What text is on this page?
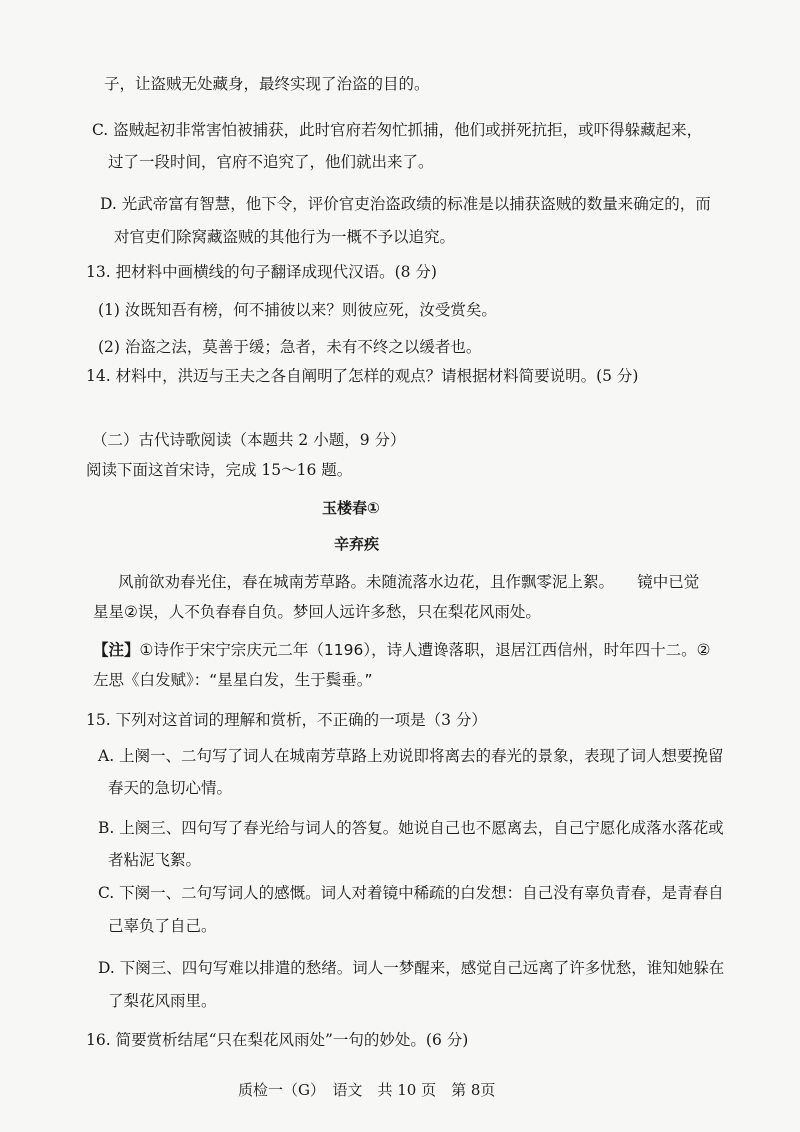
子，让盗贼无处藏身，最终实现了治盗的目的。
C. 盗贼起初非常害怕被捕获，此时官府若匆忙抓捕，他们或拼死抗拒，或吓得躲藏起来，
过了一段时间，官府不追究了，他们就出来了。
D. 光武帝富有智慧，他下令，评价官吏治盗政绩的标准是以捕获盗贼的数量来确定的，而
对官吏们除窝藏盗贼的其他行为一概不予以追究。
13. 把材料中画横线的句子翻译成现代汉语。(8 分)
(1) 汝既知吾有榜，何不捕彼以来？则彼应死，汝受赏矣。
(2) 治盗之法，莫善于缓；急者，未有不终之以缓者也。
14. 材料中，洪迈与王夫之各自阐明了怎样的观点？请根据材料简要说明。(5 分)
（二）古代诗歌阅读（本题共 2 小题，9 分）
阅读下面这首宋诗，完成 15～16 题。
玉楼春①
辛弃疾
风前欲劝春光住，春在城南芳草路。未随流落水边花，且作飘零泥上絮。　　镜中已觉
星星②误，人不负春春自负。梦回人远许多愁，只在梨花风雨处。
【注】①诗作于宋宁宗庆元二年（1196），诗人遭谗落职，退居江西信州，时年四十二。②
左思《白发赋》：“星星白发，生于鬓垂。”
15. 下列对这首词的理解和赏析，不正确的一项是（3 分）
A. 上阕一、二句写了词人在城南芳草路上劝说即将离去的春光的景象，表现了词人想要挽留
春天的急切心情。
B. 上阕三、四句写了春光给与词人的答复。她说自己也不愿离去，自己宁愿化成落水落花或
者粘泥飞絮。
C. 下阕一、二句写词人的感慨。词人对着镜中稀疏的白发想：自己没有辜负青春，是青春自
己辜负了自己。
D. 下阕三、四句写难以排遣的愁绪。词人一梦醒来，感觉自己远离了许多忧愁，谁知她躲在
了梨花风雨里。
16. 简要赏析结尾“只在梨花风雨处”一句的妙处。(6 分)
质检一（G）　语文　共 10 页　第 8页
